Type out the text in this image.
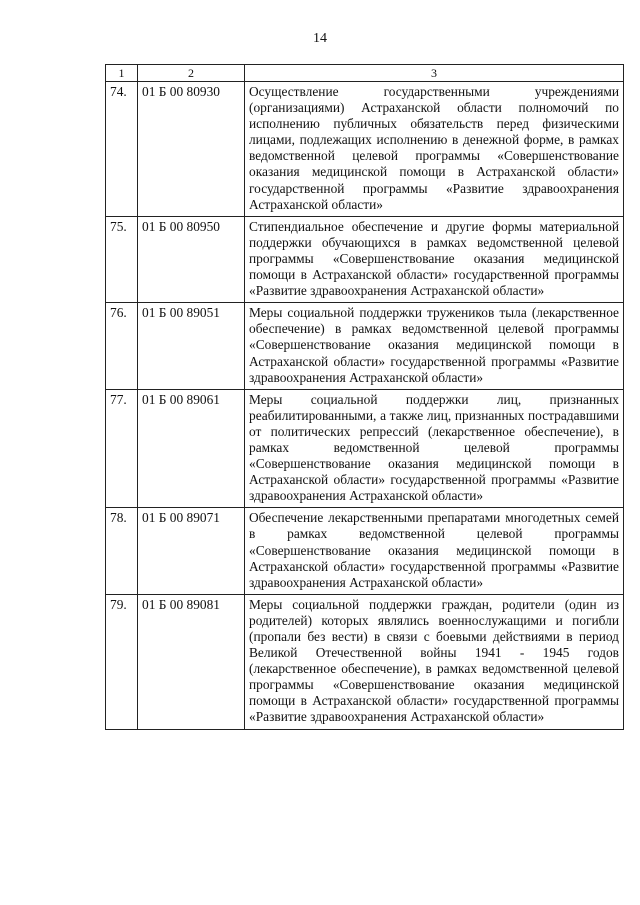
14
1	2	3
74.	01 Б 00 80930	Осуществление государственными учреждениями (организациями) Астраханской области полномочий по исполнению публичных обязательств перед физическими лицами, подлежащих исполнению в денежной форме, в рамках ведомственной целевой программы «Совершенствование оказания медицинской помощи в Астраханской области» государственной программы «Развитие здравоохранения Астраханской области»
75.	01 Б 00 80950	Стипендиальное обеспечение и другие формы материальной поддержки обучающихся в рамках ведомственной целевой программы «Совершенствование оказания медицинской помощи в Астраханской области» государственной программы «Развитие здравоохранения Астраханской области»
76.	01 Б 00 89051	Меры социальной поддержки тружеников тыла (лекарственное обеспечение) в рамках ведомственной целевой программы «Совершенствование оказания медицинской помощи в Астраханской области» государственной программы «Развитие здравоохранения Астраханской области»
77.	01 Б 00 89061	Меры социальной поддержки лиц, признанных реабилитированными, а также лиц, признанных пострадавшими от политических репрессий (лекарственное обеспечение), в рамках ведомственной целевой программы «Совершенствование оказания медицинской помощи в Астраханской области» государственной программы «Развитие здравоохранения Астраханской области»
78.	01 Б 00 89071	Обеспечение лекарственными препаратами многодетных семей в рамках ведомственной целевой программы «Совершенствование оказания медицинской помощи в Астраханской области» государственной программы «Развитие здравоохранения Астраханской области»
79.	01 Б 00 89081	Меры социальной поддержки граждан, родители (один из родителей) которых являлись военнослужащими и погибли (пропали без вести) в связи с боевыми действиями в период Великой Отечественной войны 1941 - 1945 годов (лекарственное обеспечение), в рамках ведомственной целевой программы «Совершенствование оказания медицинской помощи в Астраханской области» государственной программы «Развитие здравоохранения Астраханской области»
